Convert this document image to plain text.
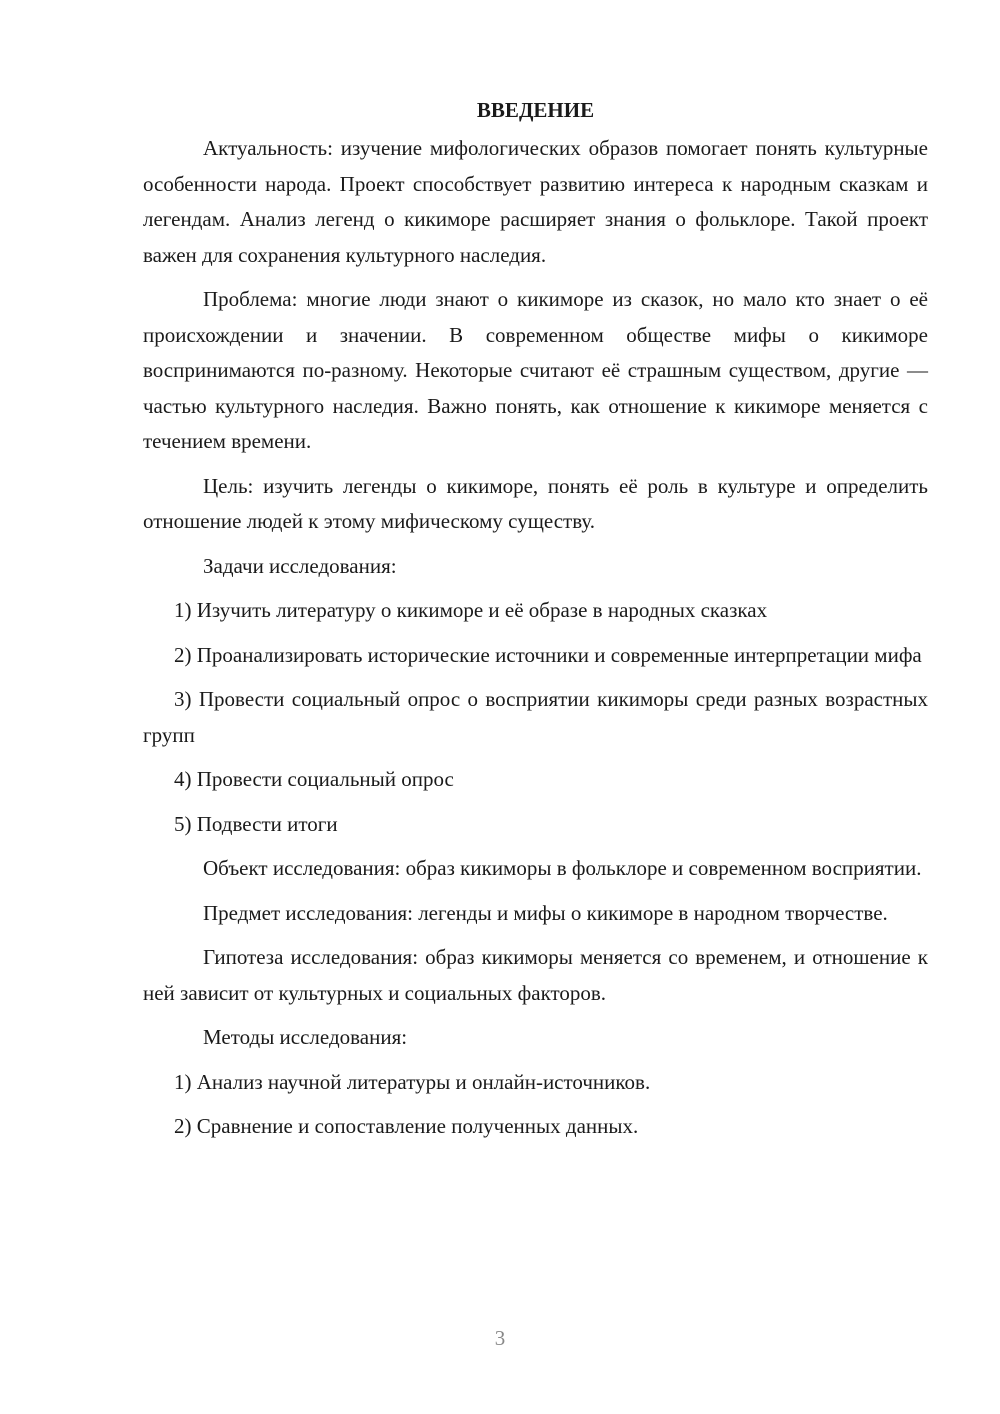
ВВЕДЕНИЕ

Актуальность: изучение мифологических образов помогает понять культурные особенности народа. Проект способствует развитию интереса к народным сказкам и легендам. Анализ легенд о кикиморе расширяет знания о фольклоре. Такой проект важен для сохранения культурного наследия.

Проблема: многие люди знают о кикиморе из сказок, но мало кто знает о её происхождении и значении. В современном обществе мифы о кикиморе воспринимаются по-разному. Некоторые считают её страшным существом, другие — частью культурного наследия. Важно понять, как отношение к кикиморе меняется с течением времени.

Цель: изучить легенды о кикиморе, понять её роль в культуре и определить отношение людей к этому мифическому существу.

Задачи исследования:

1) Изучить литературу о кикиморе и её образе в народных сказках

2) Проанализировать исторические источники и современные интерпретации мифа

3) Провести социальный опрос о восприятии кикиморы среди разных возрастных групп

4) Провести социальный опрос

5) Подвести итоги

Объект исследования: образ кикиморы в фольклоре и современном восприятии.

Предмет исследования: легенды и мифы о кикиморе в народном творчестве.

Гипотеза исследования: образ кикиморы меняется со временем, и отношение к ней зависит от культурных и социальных факторов.

Методы исследования:

1) Анализ научной литературы и онлайн-источников.

2) Сравнение и сопоставление полученных данных.

3
